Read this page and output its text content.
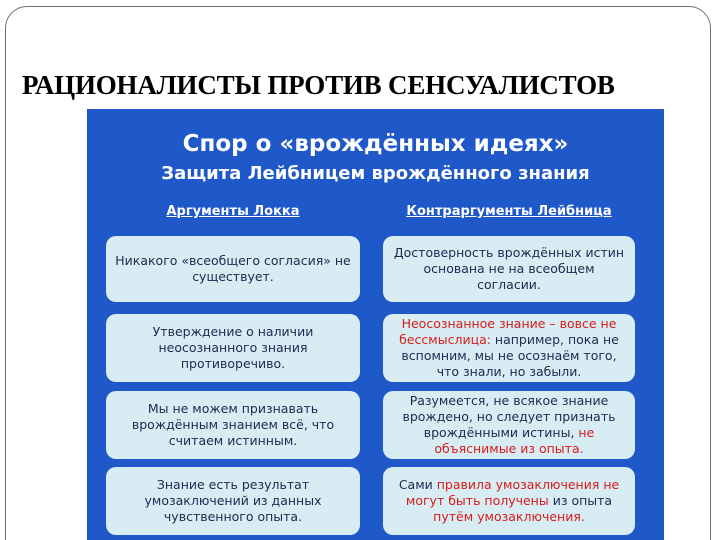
РАЦИОНАЛИСТЫ ПРОТИВ СЕНСУАЛИСТОВ
Спор о «врождённых идеях»
Защита Лейбницем врождённого знания
Аргументы Локка	Контраргументы Лейбница
Никакого «всеобщего согласия» не существует.
Утверждение о наличии неосознанного знания противоречиво.
Мы не можем признавать врождённым знанием всё, что считаем истинным.
Знание есть результат умозаключений из данных чувственного опыта.
Достоверность врождённых истин основана не на всеобщем согласии.
Неосознанное знание – вовсе не бессмыслица: например, пока не вспомним, мы не осознаём того, что знали, но забыли.
Разумеется, не всякое знание врождено, но следует признать врождёнными истины, не объяснимые из опыта.
Сами правила умозаключения не могут быть получены из опыта путём умозаключения.
